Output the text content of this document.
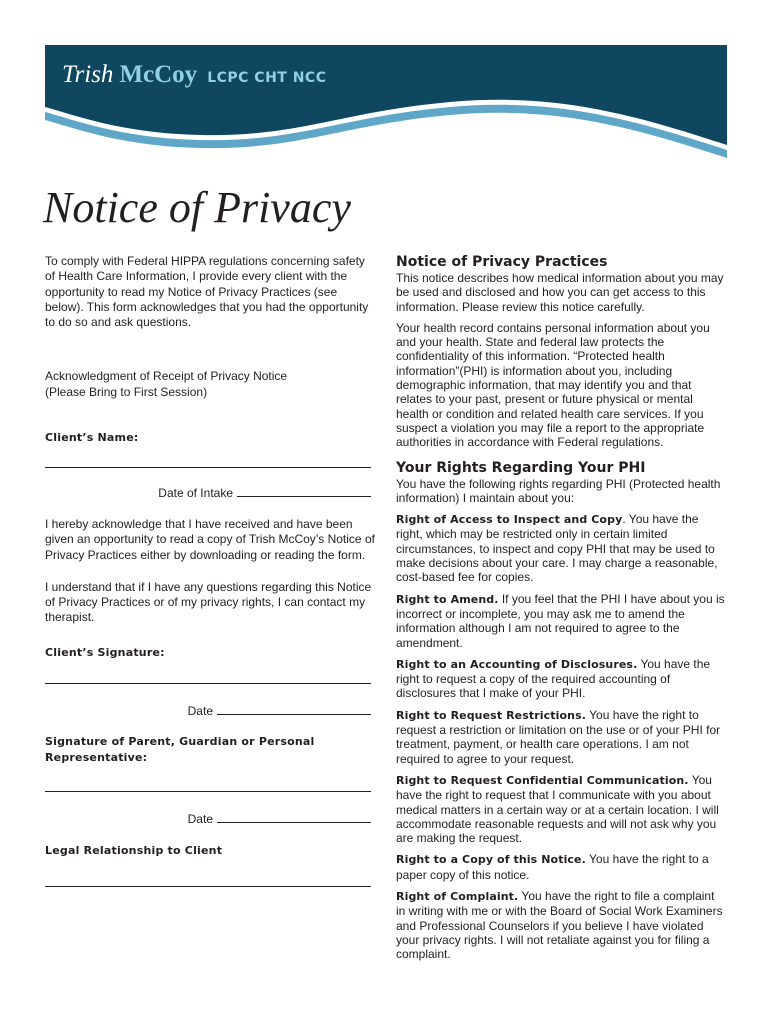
Trish McCoy LCPC CHT NCC
Notice of Privacy

To comply with Federal HIPPA regulations concerning safety of Health Care Information, I provide every client with the opportunity to read my Notice of Privacy Practices (see below). This form acknowledges that you had the opportunity to do so and ask questions.

Acknowledgment of Receipt of Privacy Notice

(Please Bring to First Session)

Client’s Name:

Date of Intake

I hereby acknowledge that I have received and have been given an opportunity to read a copy of Trish McCoy’s Notice of Privacy Practices either by downloading or reading the form.

I understand that if I have any questions regarding this Notice of Privacy Practices or of my privacy rights, I can contact my therapist.

Client’s Signature:

Date

Signature of Parent, Guardian or Personal Representative:

Date

Legal Relationship to Client

Notice of Privacy Practices

This notice describes how medical information about you may be used and disclosed and how you can get access to this information. Please review this notice carefully.

Your health record contains personal information about you and your health. State and federal law protects the confidentiality of this information. “Protected health information”(PHI) is information about you, including demographic information, that may identify you and that relates to your past, present or future physical or mental health or condition and related health care services. If you suspect a violation you may file a report to the appropriate authorities in accordance with Federal regulations.

Your Rights Regarding Your PHI

You have the following rights regarding PHI (Protected health information) I maintain about you:

Right of Access to Inspect and Copy. You have the right, which may be restricted only in certain limited circumstances, to inspect and copy PHI that may be used to make decisions about your care. I may charge a reasonable, cost-based fee for copies.

Right to Amend. If you feel that the PHI I have about you is incorrect or incomplete, you may ask me to amend the information although I am not required to agree to the amendment.

Right to an Accounting of Disclosures. You have the right to request a copy of the required accounting of disclosures that I make of your PHI.

Right to Request Restrictions. You have the right to request a restriction or limitation on the use or of your PHI for treatment, payment, or health care operations. I am not required to agree to your request.

Right to Request Confidential Communication. You have the right to request that I communicate with you about medical matters in a certain way or at a certain location. I will accommodate reasonable requests and will not ask why you are making the request.

Right to a Copy of this Notice. You have the right to a paper copy of this notice.

Right of Complaint. You have the right to file a complaint in writing with me or with the Board of Social Work Examiners and Professional Counselors if you believe I have violated your privacy rights. I will not retaliate against you for filing a complaint.
